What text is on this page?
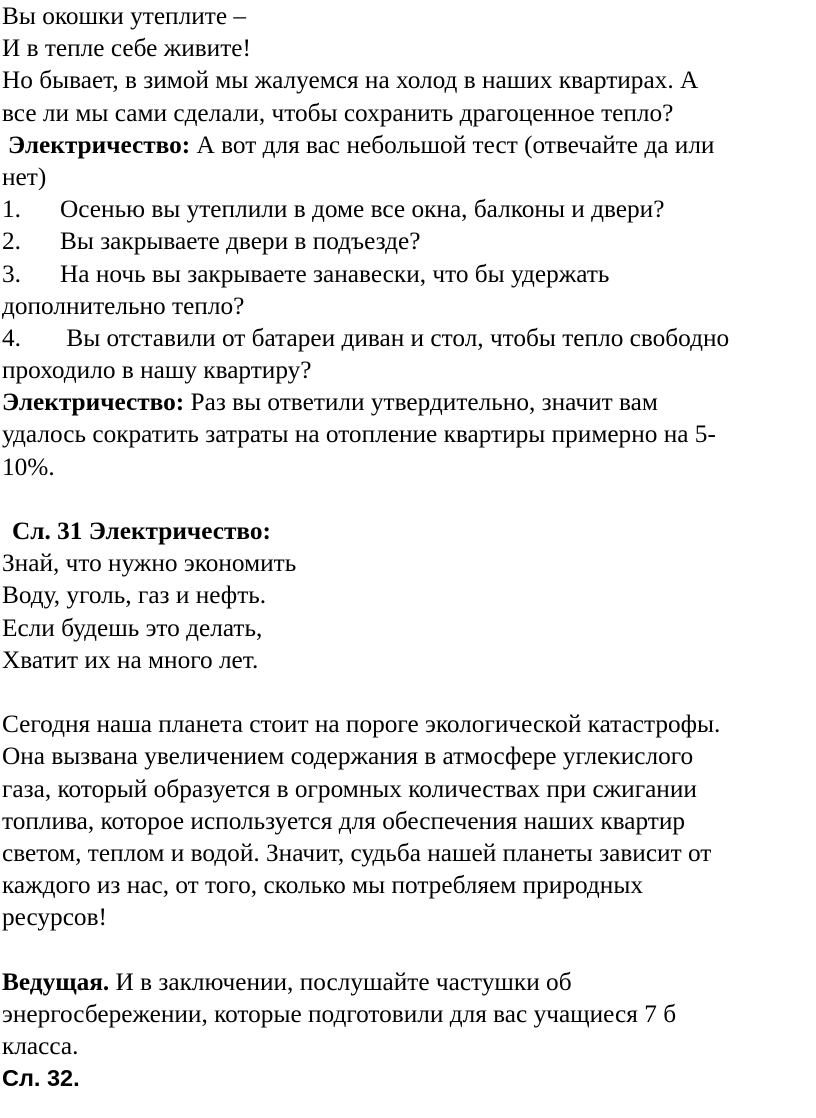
Вы окошки утеплите –
И в тепле себе живите!
Но бывает, в зимой мы жалуемся на холод в наших квартирах. А
все ли мы сами сделали, чтобы сохранить драгоценное тепло?
Электричество: А вот для вас небольшой тест (отвечайте да или
нет)
1. Осенью вы утеплили в доме все окна, балконы и двери?
2. Вы закрываете двери в подъезде?
3. На ночь вы закрываете занавески, что бы удержать
дополнительно тепло?
4. Вы отставили от батареи диван и стол, чтобы тепло свободно
проходило в нашу квартиру?
Электричество: Раз вы ответили утвердительно, значит вам
удалось сократить затраты на отопление квартиры примерно на 5-
10%.
Сл. 31 Электричество:
Знай, что нужно экономить
Воду, уголь, газ и нефть.
Если будешь это делать,
Хватит их на много лет.
Сегодня наша планета стоит на пороге экологической катастрофы.
Она вызвана увеличением содержания в атмосфере углекислого
газа, который образуется в огромных количествах при сжигании
топлива, которое используется для обеспечения наших квартир
светом, теплом и водой. Значит, судьба нашей планеты зависит от
каждого из нас, от того, сколько мы потребляем природных
ресурсов!
Ведущая. И в заключении, послушайте частушки об
энергосбережении, которые подготовили для вас учащиеся 7 б
класса.
Сл. 32.
